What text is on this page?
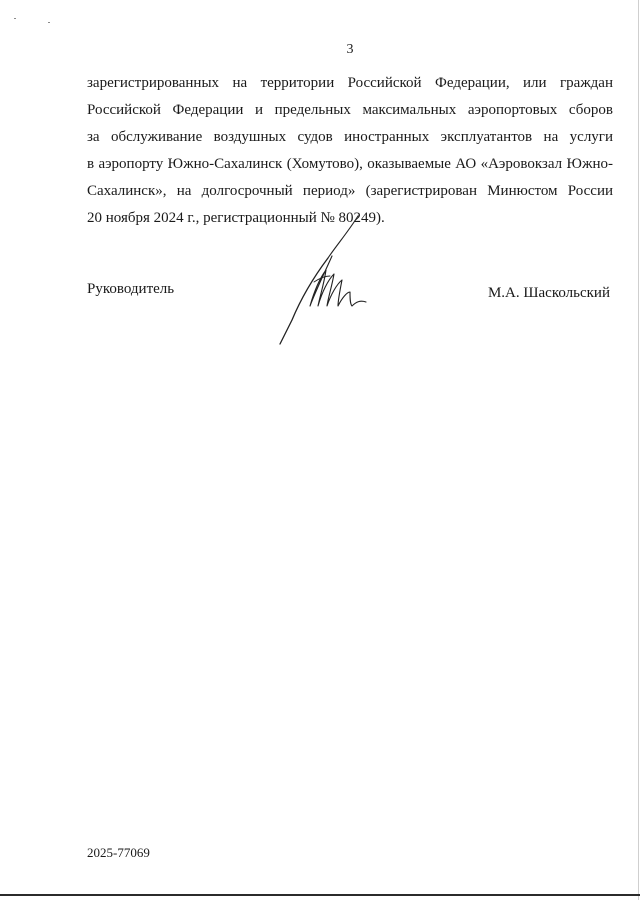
3
зарегистрированных на территории Российской Федерации, или граждан
Российской Федерации и предельных максимальных аэропортовых сборов
за обслуживание воздушных судов иностранных эксплуатантов на услуги
в аэропорту Южно-Сахалинск (Хомутово), оказываемые АО «Аэровокзал Южно-
Сахалинск», на долгосрочный период» (зарегистрирован Минюстом России
20 ноября 2024 г., регистрационный № 80249).
Руководитель	М.А. Шаскольский
2025-77069
